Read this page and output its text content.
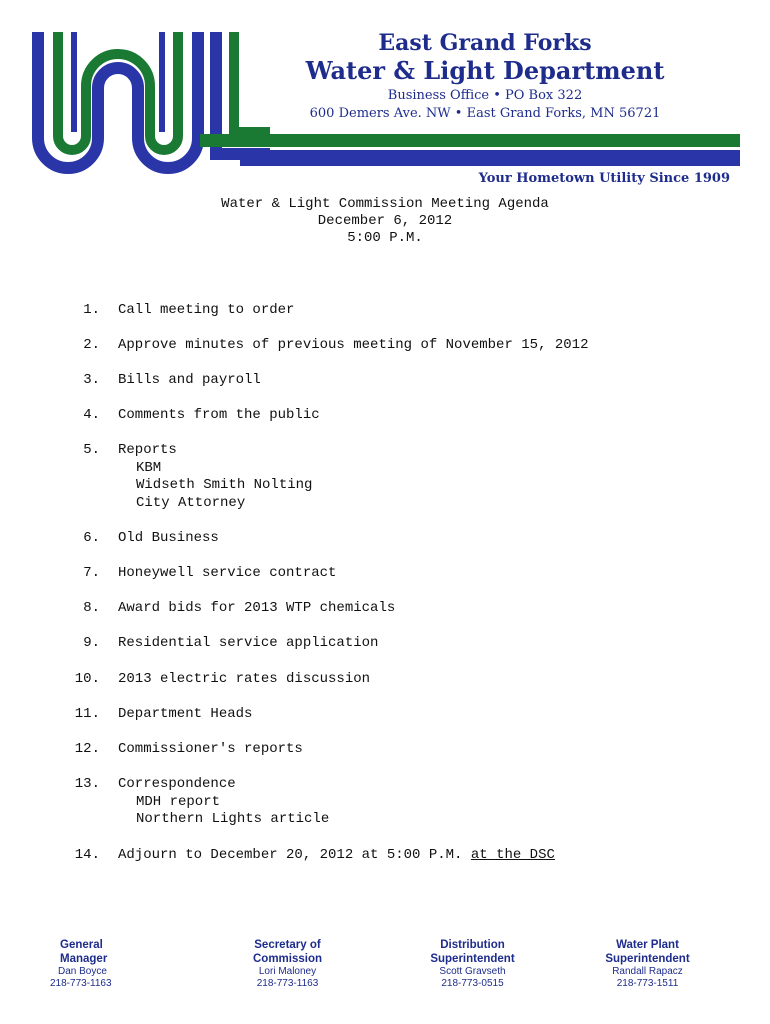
East Grand Forks
Water & Light Department
Business Office • PO Box 322
600 Demers Ave. NW • East Grand Forks, MN 56721
Your Hometown Utility Since 1909
Water & Light Commission Meeting Agenda
December 6, 2012
5:00 P.M.
1. Call meeting to order
2. Approve minutes of previous meeting of November 15, 2012
3. Bills and payroll
4. Comments from the public
5. Reports
KBM
Widseth Smith Nolting
City Attorney
6. Old Business
7. Honeywell service contract
8. Award bids for 2013 WTP chemicals
9. Residential service application
10. 2013 electric rates discussion
11. Department Heads
12. Commissioner's reports
13. Correspondence
MDH report
Northern Lights article
14. Adjourn to December 20, 2012 at 5:00 P.M. at the DSC
General
Manager
Dan Boyce
218-773-1163
Secretary of
Commission
Lori Maloney
218-773-1163
Distribution
Superintendent
Scott Gravseth
218-773-0515
Water Plant
Superintendent
Randall Rapacz
218-773-1511
